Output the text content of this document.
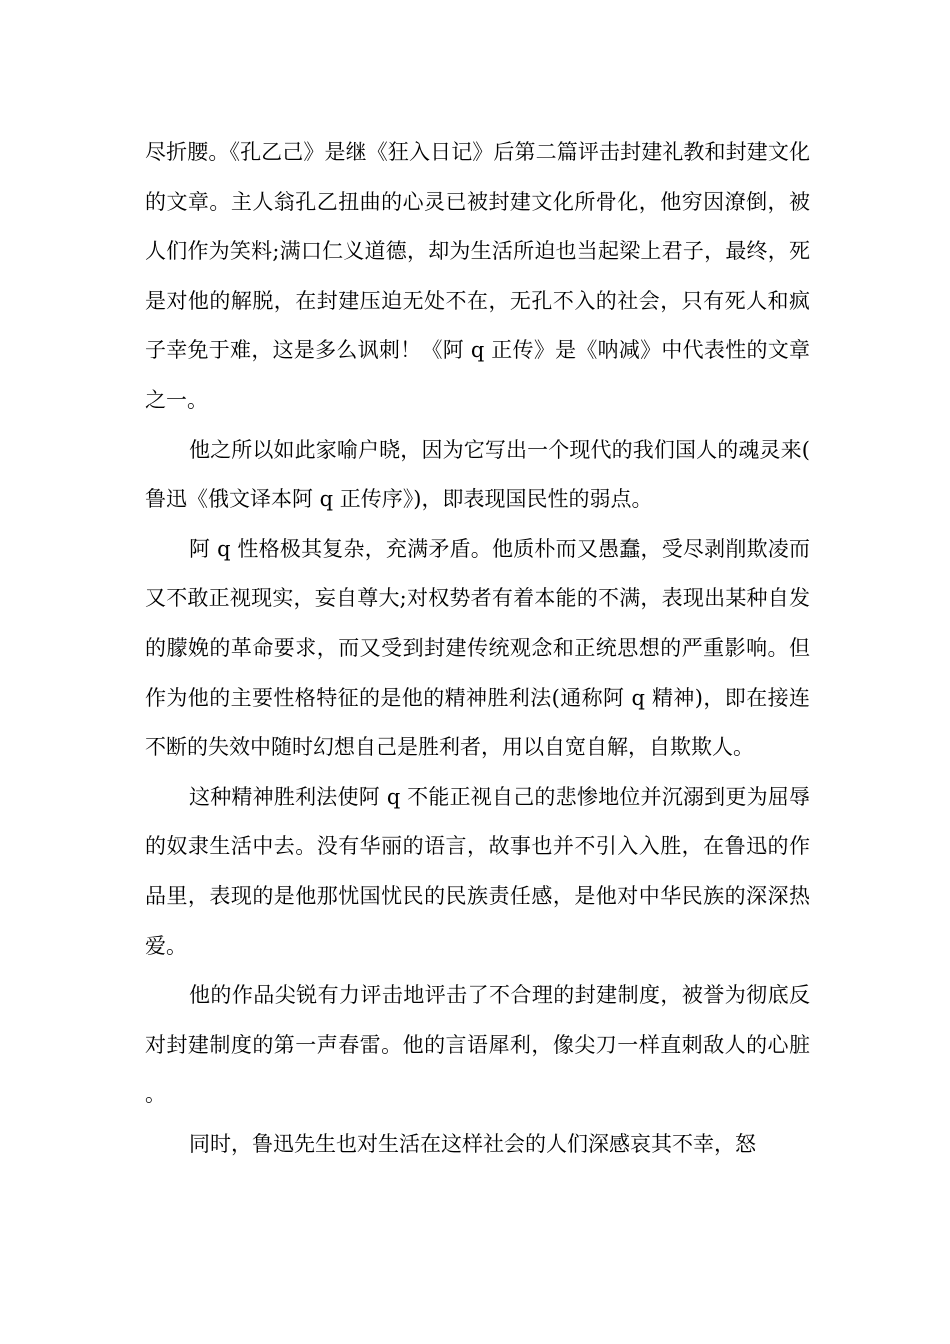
尽折腰。《孔乙己》是继《狂入日记》后第二篇评击封建礼教和封建文化的文章。主人翁孔乙扭曲的心灵已被封建文化所骨化，他穷因潦倒，被人们作为笑料;满口仁义道德，却为生活所迫也当起梁上君子，最终，死是对他的解脱，在封建压迫无处不在，无孔不入的社会，只有死人和疯子幸免于难，这是多么讽刺！《阿 q 正传》是《呐减》中代表性的文章之一。

他之所以如此家喻户晓，因为它写出一个现代的我们国人的魂灵来(鲁迅《俄文译本阿 q 正传序》)，即表现国民性的弱点。

阿 q 性格极其复杂，充满矛盾。他质朴而又愚蠢，受尽剥削欺凌而又不敢正视现实，妄自尊大;对权势者有着本能的不满，表现出某种自发的朦娩的革命要求，而又受到封建传统观念和正统思想的严重影响。但作为他的主要性格特征的是他的精神胜利法(通称阿 q 精神)，即在接连不断的失效中随时幻想自己是胜利者，用以自宽自解，自欺欺人。

这种精神胜利法使阿 q 不能正视自己的悲惨地位并沉溺到更为屈辱的奴隶生活中去。没有华丽的语言，故事也并不引入入胜，在鲁迅的作品里，表现的是他那忧国忧民的民族责任感，是他对中华民族的深深热爱。

他的作品尖锐有力评击地评击了不合理的封建制度，被誉为彻底反对封建制度的第一声春雷。他的言语犀利，像尖刀一样直刺敌人的心脏。

同时，鲁迅先生也对生活在这样社会的人们深感哀其不幸，怒
